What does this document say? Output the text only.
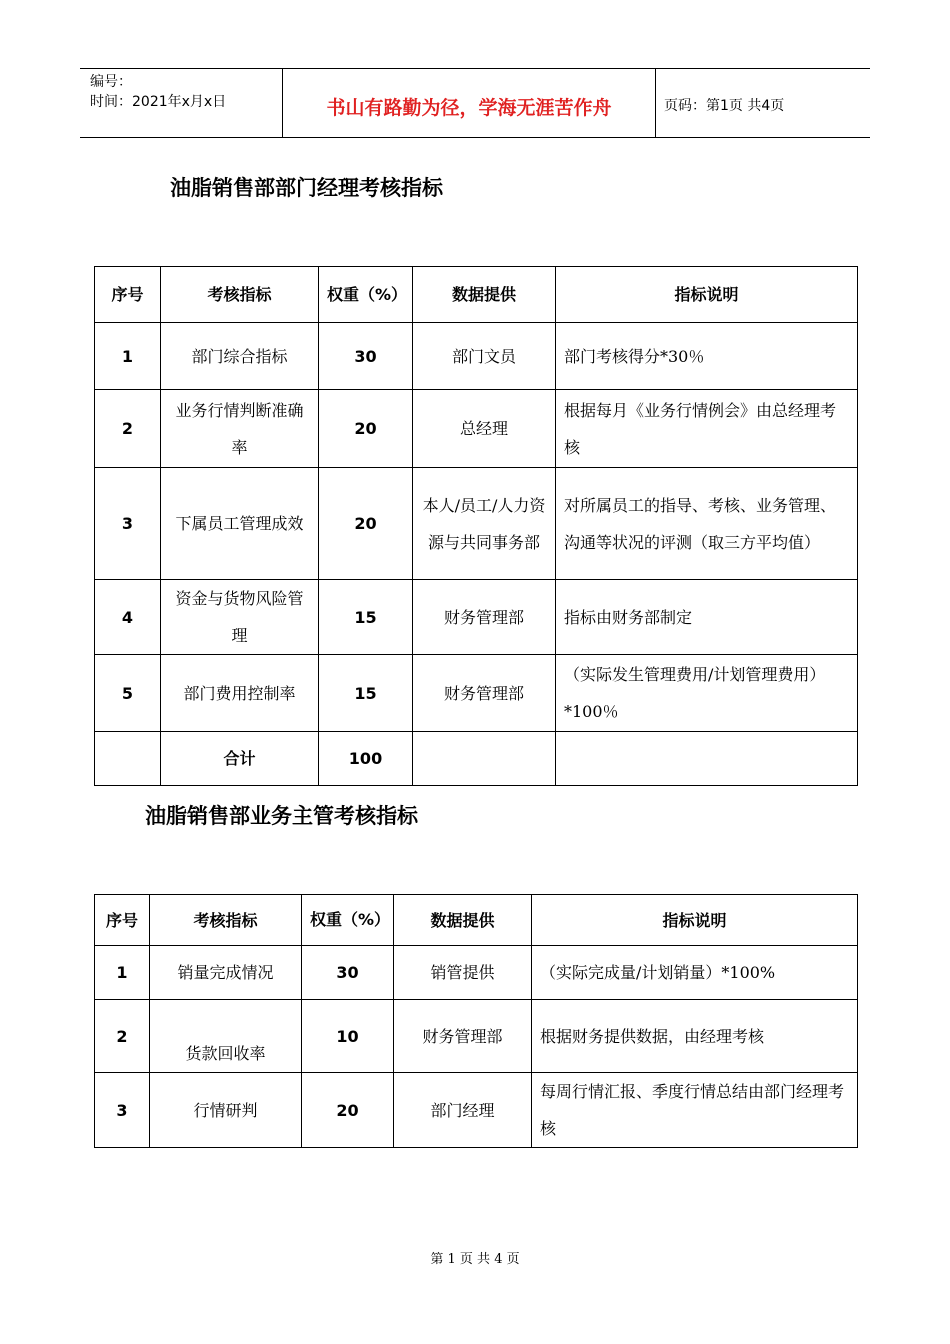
编号：
时间：2021年x月x日	书山有路勤为径，学海无涯苦作舟	页码：第1页 共4页
油脂销售部部门经理考核指标
序号	考核指标	权重（%）	数据提供	指标说明
1	部门综合指标	30	部门文员	部门考核得分*30％
2	业务行情判断准确率	20	总经理	根据每月《业务行情例会》由总经理考核
3	下属员工管理成效	20	本人/员工/人力资源与共同事务部	对所属员工的指导、考核、业务管理、沟通等状况的评测（取三方平均值）
4	资金与货物风险管理	15	财务管理部	指标由财务部制定
5	部门费用控制率	15	财务管理部	（实际发生管理费用/计划管理费用）*100％
	合计	100		
油脂销售部业务主管考核指标
序号	考核指标	权重（%）	数据提供	指标说明
1	销量完成情况	30	销管提供	（实际完成量/计划销量）*100%
2	货款回收率	10	财务管理部	根据财务提供数据，由经理考核
3	行情研判	20	部门经理	每周行情汇报、季度行情总结由部门经理考核
第 1 页 共 4 页
